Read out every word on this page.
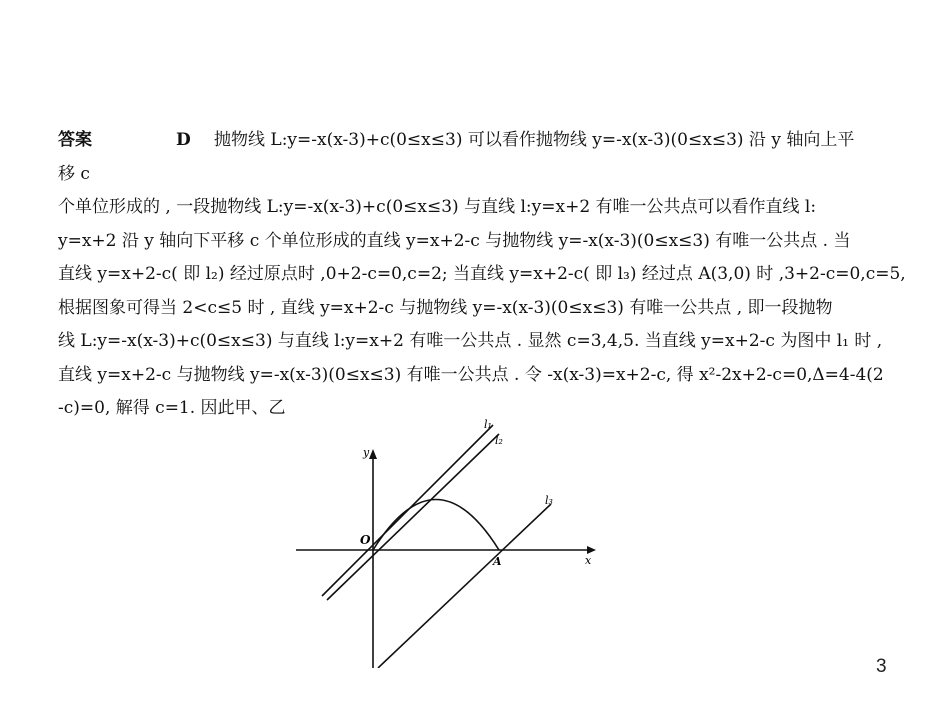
答案	D 抛物线 L:y=-x(x-3)+c(0≤x≤3) 可以看作抛物线 y=-x(x-3)(0≤x≤3) 沿 y 轴向上平
移 c
个单位形成的 , 一段抛物线 L:y=-x(x-3)+c(0≤x≤3) 与直线 l:y=x+2 有唯一公共点可以看作直线 l:
y=x+2 沿 y 轴向下平移 c 个单位形成的直线 y=x+2-c 与抛物线 y=-x(x-3)(0≤x≤3) 有唯一公共点 . 当
直线 y=x+2-c( 即 l₂) 经过原点时 ,0+2-c=0,c=2; 当直线 y=x+2-c( 即 l₃) 经过点 A(3,0) 时 ,3+2-c=0,c=5,
根据图象可得当 2<c≤5 时 , 直线 y=x+2-c 与抛物线 y=-x(x-3)(0≤x≤3) 有唯一公共点 , 即一段抛物
线 L:y=-x(x-3)+c(0≤x≤3) 与直线 l:y=x+2 有唯一公共点 . 显然 c=3,4,5. 当直线 y=x+2-c 为图中 l₁ 时 ,
直线 y=x+2-c 与抛物线 y=-x(x-3)(0≤x≤3) 有唯一公共点 . 令 -x(x-3)=x+2-c, 得 x²-2x+2-c=0,Δ=4-4(2
-c)=0, 解得 c=1. 因此甲、乙
y
x
O
A
l₁
l₂
l₃
3
